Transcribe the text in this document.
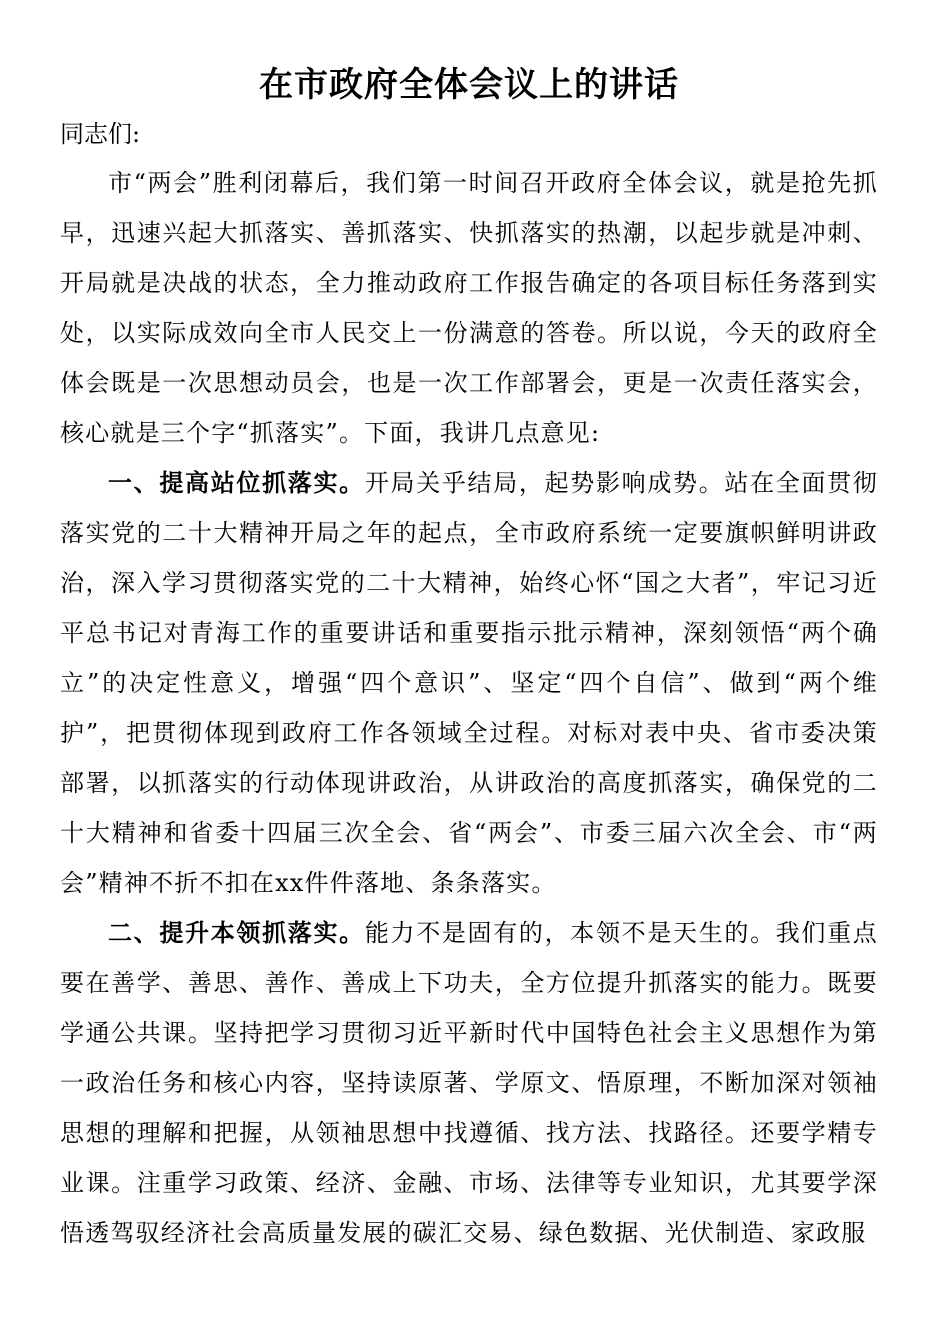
在市政府全体会议上的讲话

同志们:

市“两会”胜利闭幕后，我们第一时间召开政府全体会议，就是抢先抓早，迅速兴起大抓落实、善抓落实、快抓落实的热潮，以起步就是冲刺、开局就是决战的状态，全力推动政府工作报告确定的各项目标任务落到实处，以实际成效向全市人民交上一份满意的答卷。所以说，今天的政府全体会既是一次思想动员会，也是一次工作部署会，更是一次责任落实会，核心就是三个字“抓落实”。下面，我讲几点意见:

一、提高站位抓落实。开局关乎结局，起势影响成势。站在全面贯彻落实党的二十大精神开局之年的起点，全市政府系统一定要旗帜鲜明讲政治，深入学习贯彻落实党的二十大精神，始终心怀“国之大者”，牢记习近平总书记对青海工作的重要讲话和重要指示批示精神，深刻领悟“两个确立”的决定性意义，增强“四个意识”、坚定“四个自信”、做到“两个维护”，把贯彻体现到政府工作各领域全过程。对标对表中央、省市委决策部署，以抓落实的行动体现讲政治，从讲政治的高度抓落实，确保党的二十大精神和省委十四届三次全会、省“两会”、市委三届六次全会、市“两会”精神不折不扣在xx件件落地、条条落实。

二、提升本领抓落实。能力不是固有的，本领不是天生的。我们重点要在善学、善思、善作、善成上下功夫，全方位提升抓落实的能力。既要学通公共课。坚持把学习贯彻习近平新时代中国特色社会主义思想作为第一政治任务和核心内容，坚持读原著、学原文、悟原理，不断加深对领袖思想的理解和把握，从领袖思想中找遵循、找方法、找路径。还要学精专业课。注重学习政策、经济、金融、市场、法律等专业知识，尤其要学深悟透驾驭经济社会高质量发展的碳汇交易、绿色数据、光伏制造、家政服
